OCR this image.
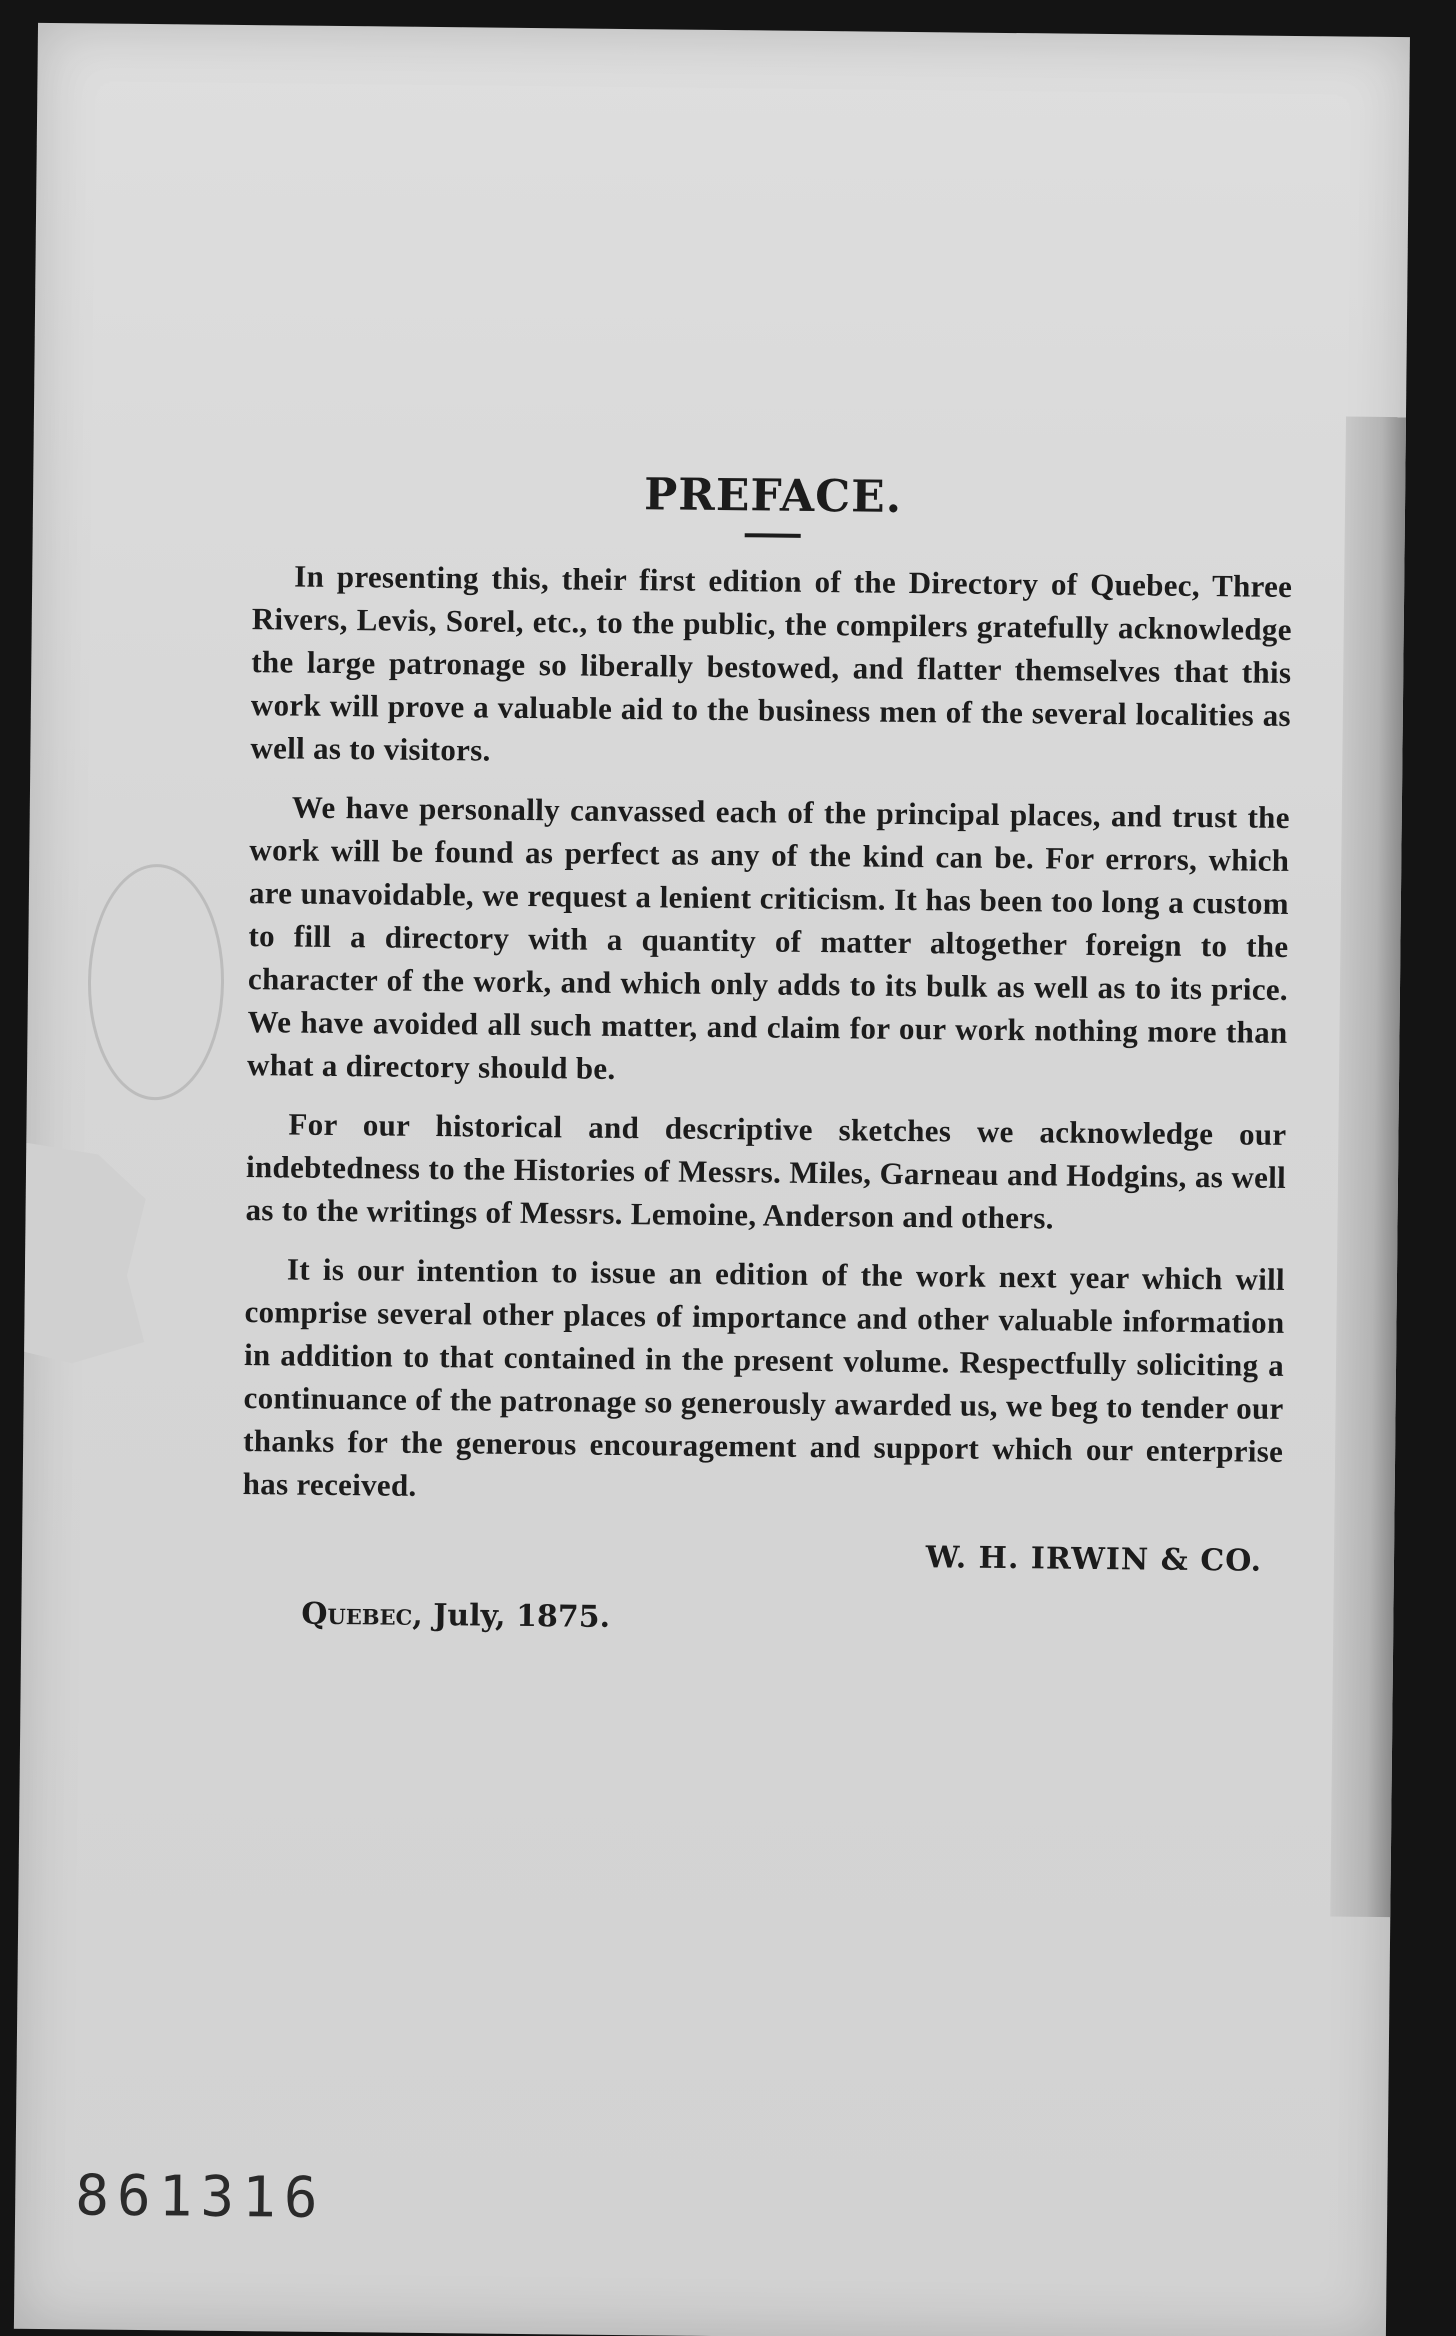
PREFACE.

In presenting this, their first edition of the Directory of Quebec, Three Rivers, Levis, Sorel, etc., to the public, the compilers gratefully acknowledge the large patronage so liberally bestowed, and flatter themselves that this work will prove a valuable aid to the business men of the several localities as well as to visitors.

We have personally canvassed each of the principal places, and trust the work will be found as perfect as any of the kind can be. For errors, which are unavoidable, we request a lenient criticism. It has been too long a custom to fill a directory with a quantity of matter altogether foreign to the character of the work, and which only adds to its bulk as well as to its price. We have avoided all such matter, and claim for our work nothing more than what a directory should be.

For our historical and descriptive sketches we acknowledge our indebtedness to the Histories of Messrs. Miles, Garneau and Hodgins, as well as to the writings of Messrs. Lemoine, Anderson and others.

It is our intention to issue an edition of the work next year which will comprise several other places of importance and other valuable information in addition to that contained in the present volume. Respectfully soliciting a continuance of the patronage so generously awarded us, we beg to tender our thanks for the generous encouragement and support which our enterprise has received.

W. H. IRWIN & CO.
Quebec, July, 1875.
861316
